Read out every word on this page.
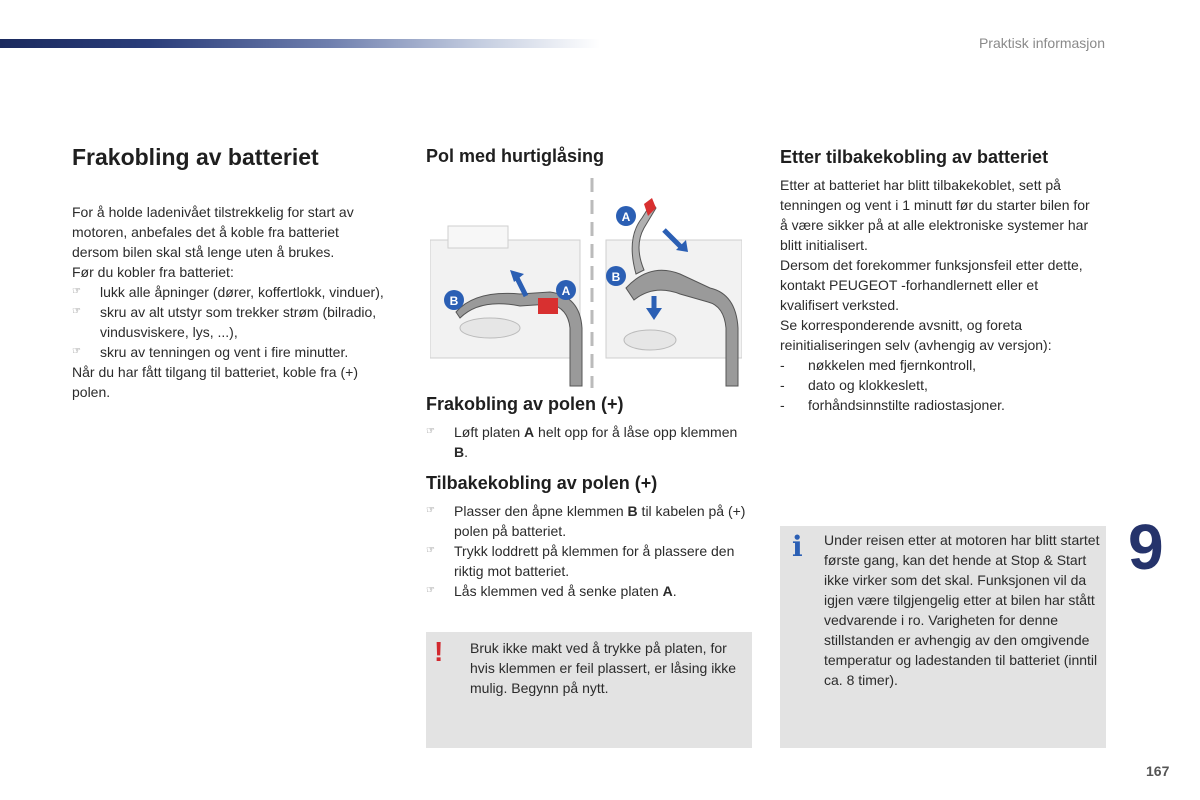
Praktisk informasjon
Frakobling av batteriet

For å holde ladenivået tilstrekkelig for start av

motoren, anbefales det å koble fra batteriet

dersom bilen skal stå lenge uten å brukes.

Før du kobler fra batteriet:

☞ lukk alle åpninger (dører, koffertlokk, vinduer),
☞ skru av alt utstyr som trekker strøm (bilradio, vindusviskere, lys, ...),
☞ skru av tenningen og vent i fire minutter.

Når du har fått tilgang til batteriet, koble fra (+) polen.

Pol med hurtiglåsing
B
A
A
B
Frakobling av polen (+)
☞ Løft platen A helt opp for å låse opp klemmen B.
Tilbakekobling av polen (+)
☞ Plasser den åpne klemmen B til kabelen på (+) polen på batteriet.
☞ Trykk loddrett på klemmen for å plassere den riktig mot batteriet.
☞ Lås klemmen ved å senke platen A.
! Bruk ikke makt ved å trykke på platen, for hvis klemmen er feil plassert, er låsing ikke mulig. Begynn på nytt.
Etter tilbakekobling av batteriet

Etter at batteriet har blitt tilbakekoblet, sett på tenningen og vent i 1 minutt før du starter bilen for å være sikker på at alle elektroniske systemer har blitt initialisert.

Dersom det forekommer funksjonsfeil etter dette, kontakt PEUGEOT -forhandlernett eller et kvalifisert verksted.

Se korresponderende avsnitt, og foreta reinitialiseringen selv (avhengig av versjon):

- nøkkelen med fjernkontroll,
- dato og klokkeslett,
- forhåndsinnstilte radiostasjoner.
i Under reisen etter at motoren har blitt startet første gang, kan det hende at Stop & Start ikke virker som det skal. Funksjonen vil da igjen være tilgjengelig etter at bilen har stått vedvarende i ro. Varigheten for denne stillstanden er avhengig av den omgivende temperatur og ladestanden til batteriet (inntil ca. 8 timer).
9
167
